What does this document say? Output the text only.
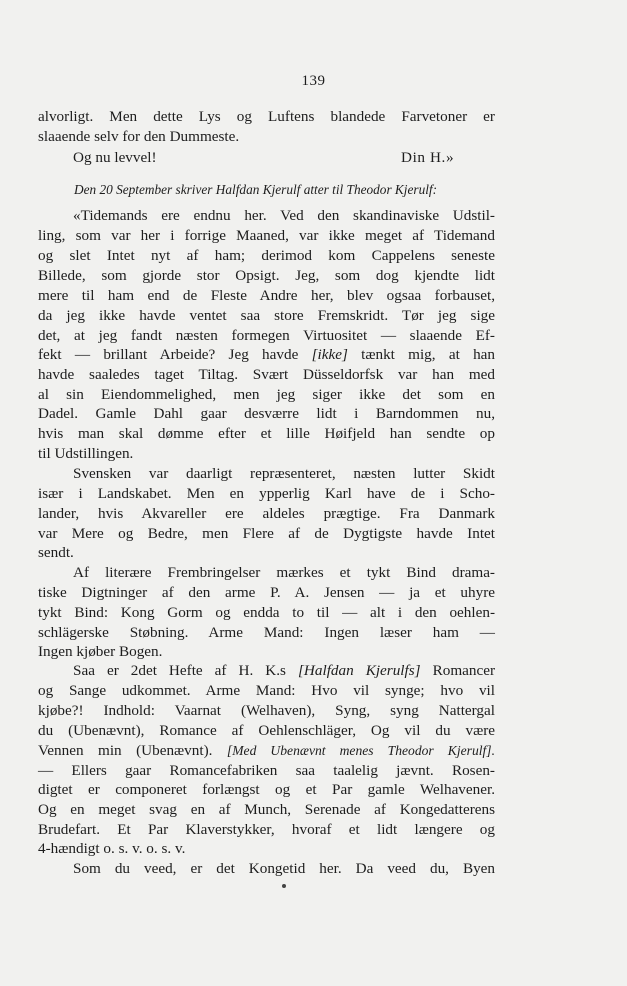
139
alvorligt. Men dette Lys og Luftens blandede Farvetoner er
slaaende selv for den Dummeste.
Og nu levvel!	Din H.»
Den 20 September skriver Halfdan Kjerulf atter til Theodor Kjerulf:
«Tidemands ere endnu her. Ved den skandinaviske Udstil-
ling, som var her i forrige Maaned, var ikke meget af Tidemand
og slet Intet nyt af ham; derimod kom Cappelens seneste
Billede, som gjorde stor Opsigt. Jeg, som dog kjendte lidt
mere til ham end de Fleste Andre her, blev ogsaa forbauset,
da jeg ikke havde ventet saa store Fremskridt. Tør jeg sige
det, at jeg fandt næsten formegen Virtuositet — slaaende Ef-
fekt — brillant Arbeide? Jeg havde [ikke] tænkt mig, at han
havde saaledes taget Tiltag. Svært Düsseldorfsk var han med
al sin Eiendommelighed, men jeg siger ikke det som en
Dadel. Gamle Dahl gaar desværre lidt i Barndommen nu,
hvis man skal dømme efter et lille Høifjeld han sendte op
til Udstillingen.
Svensken var daarligt repræsenteret, næsten lutter Skidt
især i Landskabet. Men en ypperlig Karl have de i Scho-
lander, hvis Akvareller ere aldeles prægtige. Fra Danmark
var Mere og Bedre, men Flere af de Dygtigste havde Intet
sendt.
Af literære Frembringelser mærkes et tykt Bind drama-
tiske Digtninger af den arme P. A. Jensen — ja et uhyre
tykt Bind: Kong Gorm og endda to til — alt i den oehlen-
schlägerske Støbning. Arme Mand: Ingen læser ham —
Ingen kjøber Bogen.
Saa er 2det Hefte af H. K.s [Halfdan Kjerulfs] Romancer
og Sange udkommet. Arme Mand: Hvo vil synge; hvo vil
kjøbe?! Indhold: Vaarnat (Welhaven), Syng, syng Nattergal
du (Ubenævnt), Romance af Oehlenschläger, Og vil du være
Vennen min (Ubenævnt). [Med Ubenævnt menes Theodor Kjerulf].
— Ellers gaar Romancefabriken saa taalelig jævnt. Rosen-
digtet er componeret forlængst og et Par gamle Welhavener.
Og en meget svag en af Munch, Serenade af Kongedatterens
Brudefart. Et Par Klaverstykker, hvoraf et lidt længere og
4-hændigt o. s. v. o. s. v.
Som du veed, er det Kongetid her. Da veed du, Byen
